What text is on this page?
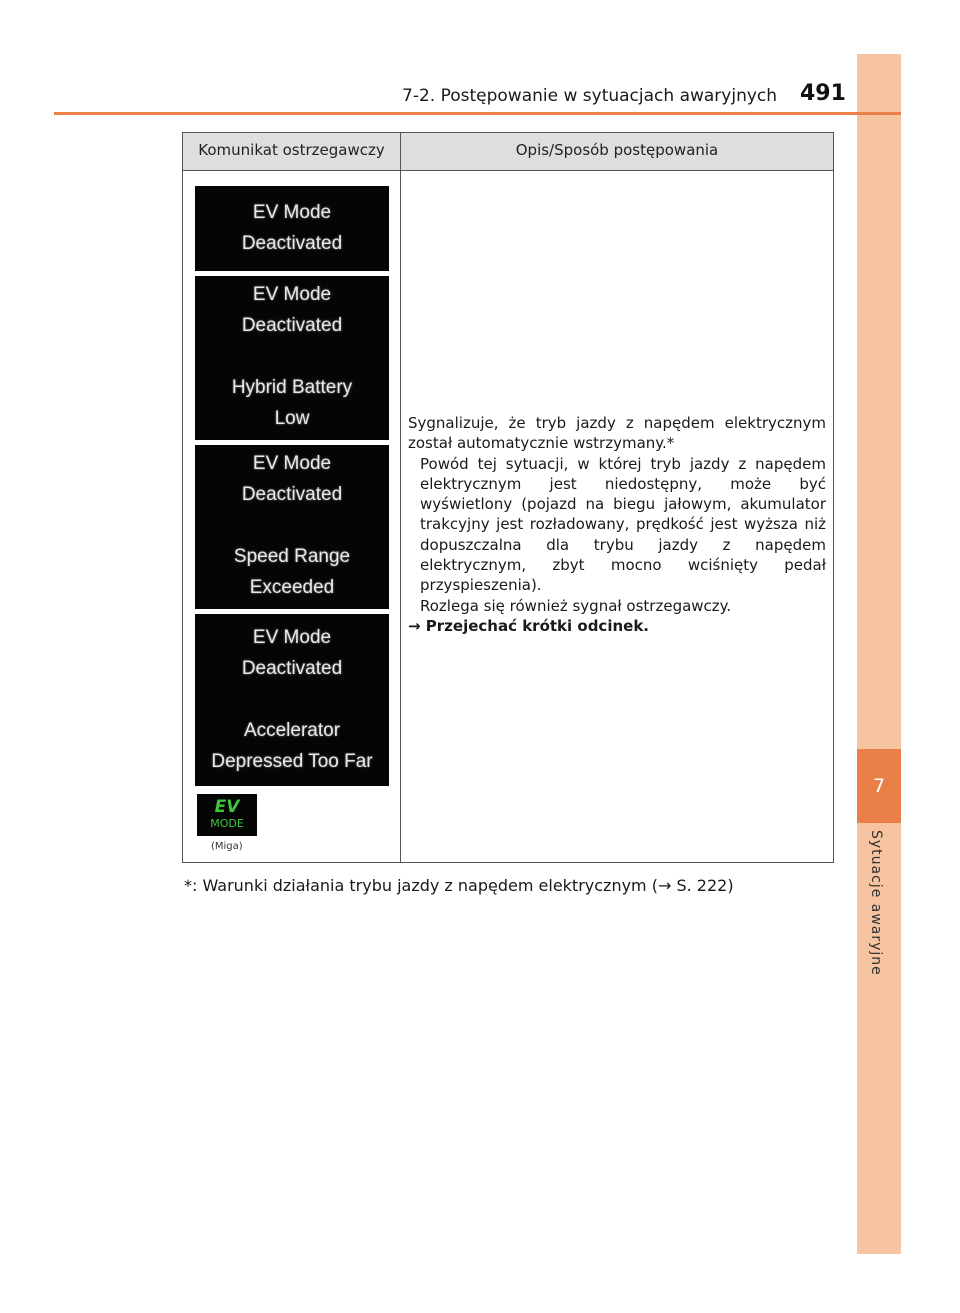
7
Sytuacje awaryjne
7-2. Postępowanie w sytuacjach awaryjnych 491
Komunikat ostrzegawczy	Opis/Sposób postępowania
EV Mode
Deactivated
EV Mode
Deactivated
Hybrid Battery
Low
EV Mode
Deactivated
Speed Range
Exceeded
EV Mode
Deactivated
Accelerator
Depressed Too Far
EV
MODE
(Miga)

Sygnalizuje, że tryb jazdy z napędem elektrycznym został automatycznie wstrzymany.*

Powód tej sytuacji, w której tryb jazdy z napędem elektrycznym jest niedostępny, może być wyświetlony (pojazd na biegu jałowym, akumulator trakcyjny jest rozładowany, prędkość jest wyższa niż dopuszczalna dla trybu jazdy z napędem elektrycznym, zbyt mocno wciśnięty pedał przyspieszenia).

Rozlega się również sygnał ostrzegawczy.

→ Przejechać krótki odcinek.

*: Warunki działania trybu jazdy z napędem elektrycznym (→ S. 222)
